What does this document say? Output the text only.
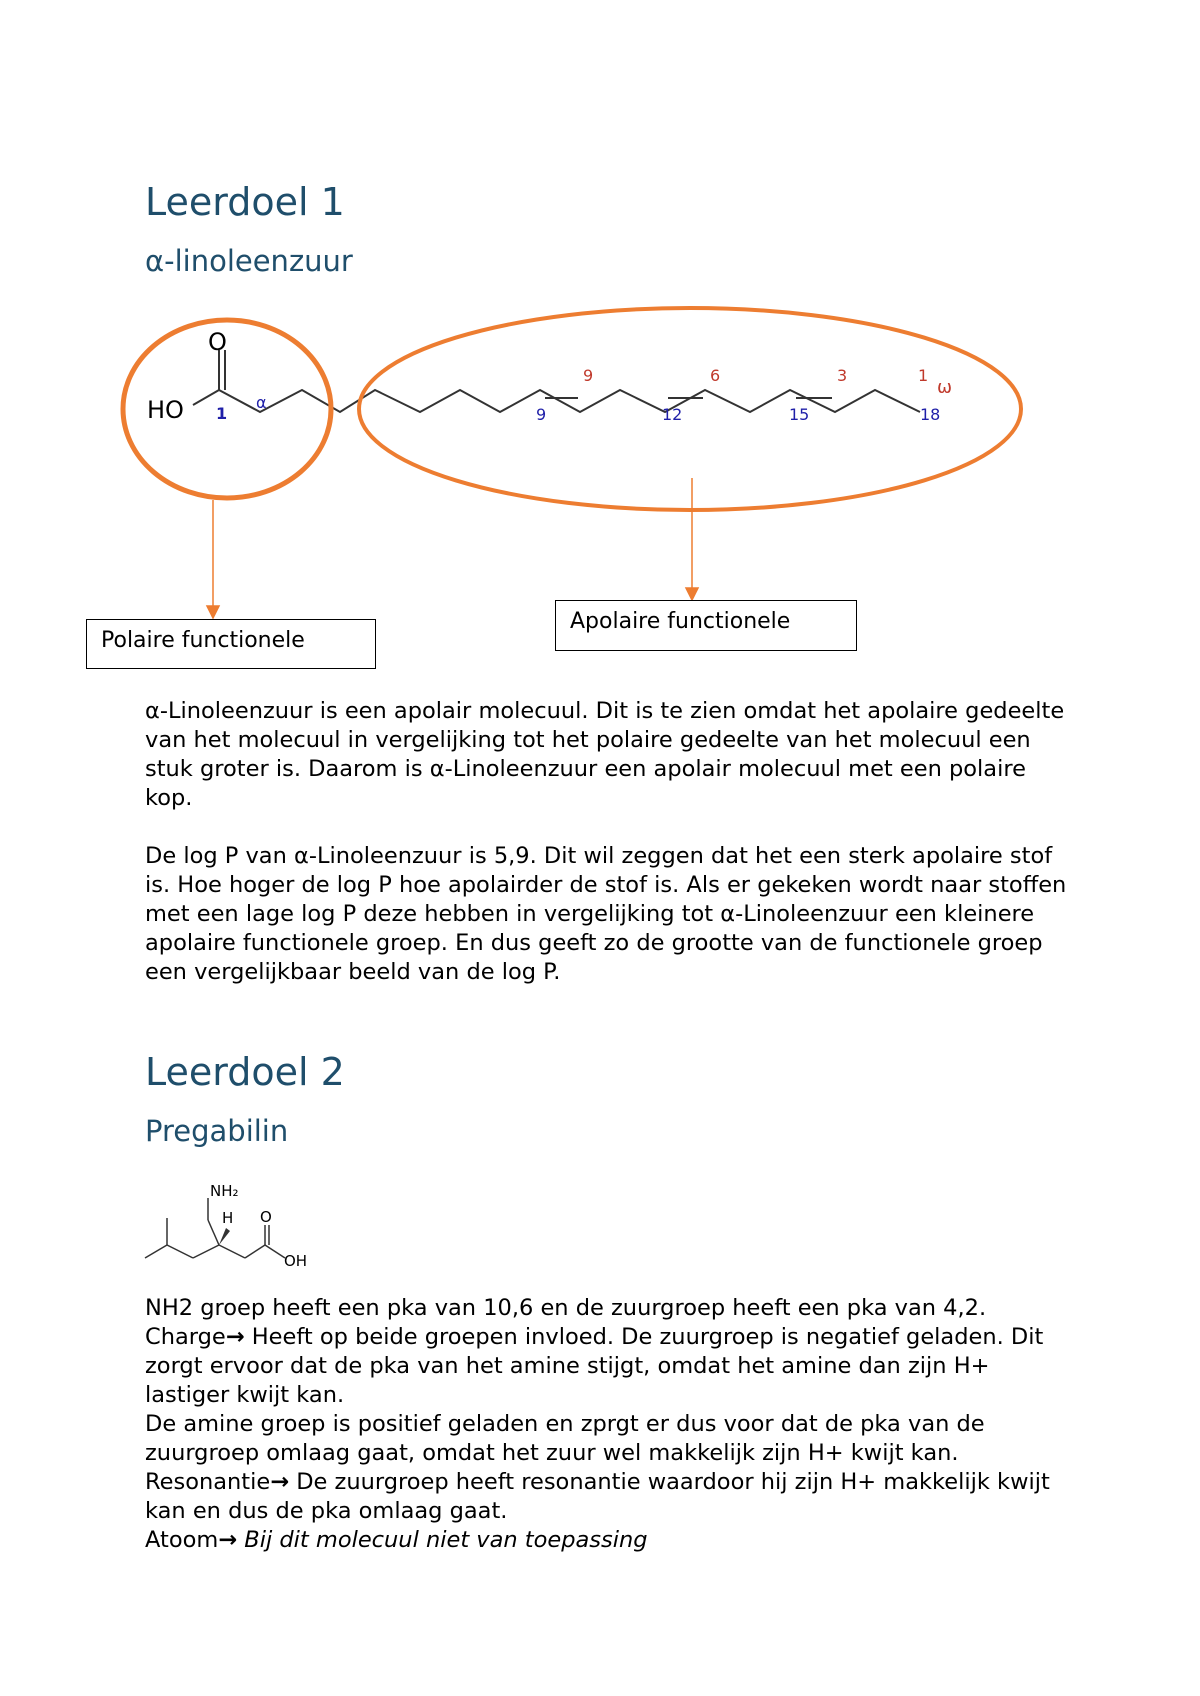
Leerdoel 1
α-linoleenzuur
O
HO 1
α
9	6	3	1
ω
9	12	15	18
Polaire functionele
Apolaire functionele

α-Linoleenzuur is een apolair molecuul. Dit is te zien omdat het apolaire gedeelte van het molecuul in vergelijking tot het polaire gedeelte van het molecuul een stuk groter is. Daarom is α-Linoleenzuur een apolair molecuul met een polaire kop.

De log P van α-Linoleenzuur is 5,9. Dit wil zeggen dat het een sterk apolaire stof is. Hoe hoger de log P hoe apolairder de stof is. Als er gekeken wordt naar stoffen met een lage log P deze hebben in vergelijking tot α-Linoleenzuur een kleinere apolaire functionele groep. En dus geeft zo de grootte van de functionele groep een vergelijkbaar beeld van de log P.

Leerdoel 2
Pregabilin
NH₂
H O
OH

NH2 groep heeft een pka van 10,6 en de zuurgroep heeft een pka van 4,2.

Charge→ Heeft op beide groepen invloed. De zuurgroep is negatief geladen. Dit zorgt ervoor dat de pka van het amine stijgt, omdat het amine dan zijn H+ lastiger kwijt kan.

De amine groep is positief geladen en zprgt er dus voor dat de pka van de zuurgroep omlaag gaat, omdat het zuur wel makkelijk zijn H+ kwijt kan.

Resonantie→ De zuurgroep heeft resonantie waardoor hij zijn H+ makkelijk kwijt kan en dus de pka omlaag gaat.

Atoom→ Bij dit molecuul niet van toepassing
